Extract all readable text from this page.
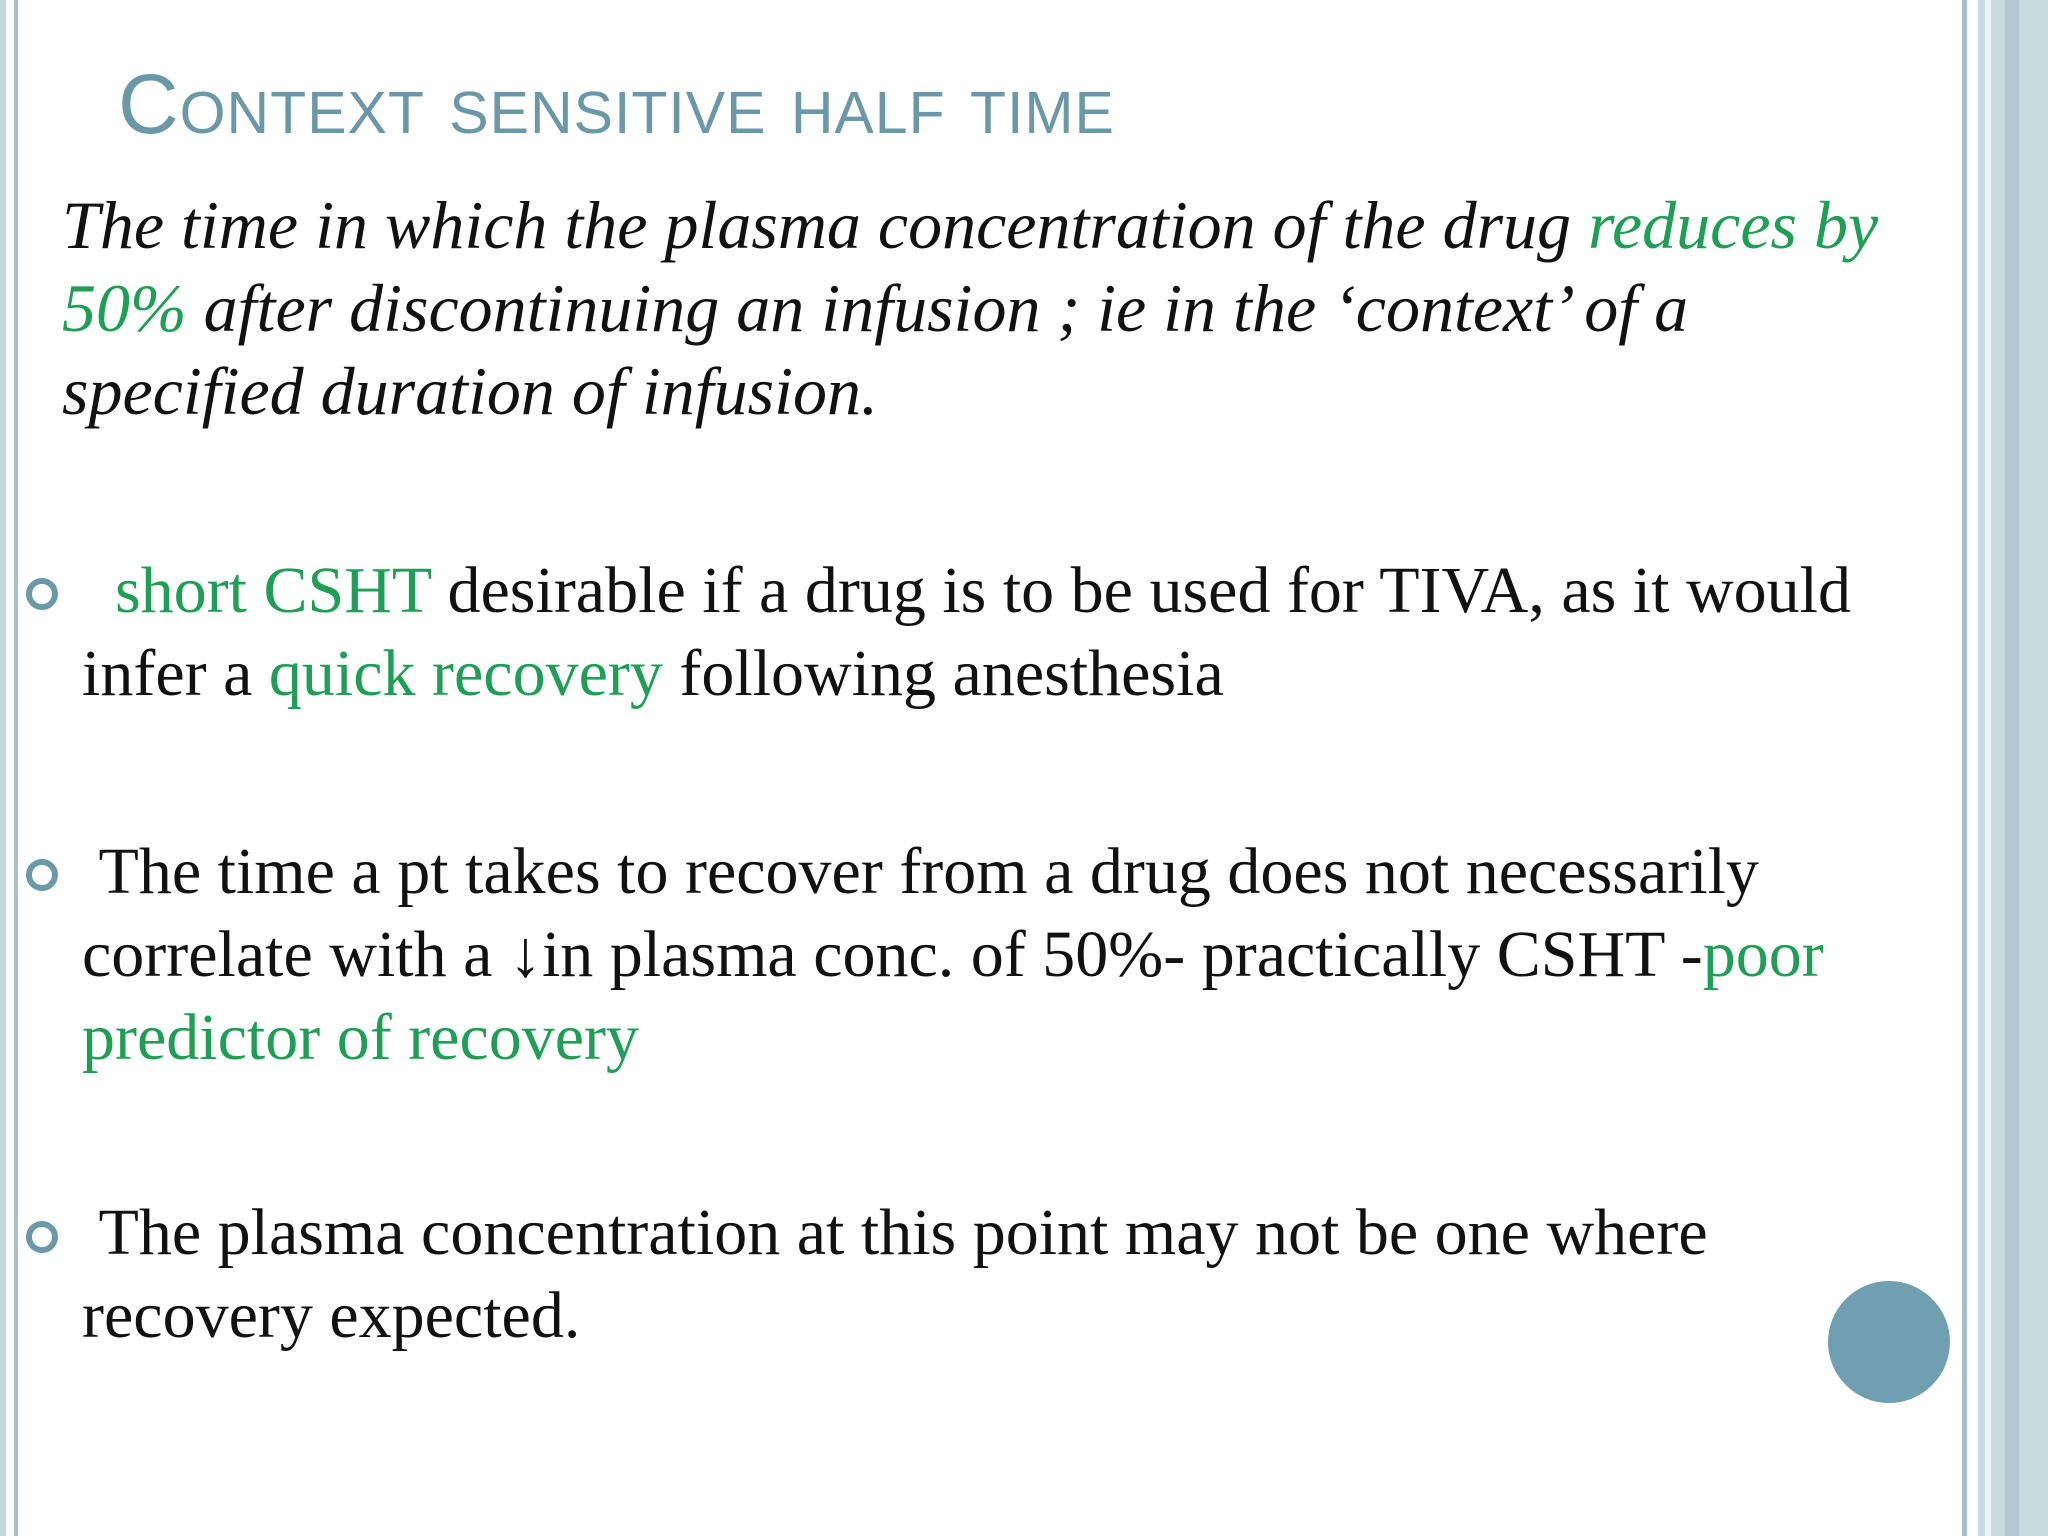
Context sensitive half time

The time in which the plasma concentration of the drug reduces by 50% after discontinuing an infusion ; ie in the ‘context’ of a specified duration of infusion.

short CSHT desirable if a drug is to be used for TIVA, as it would infer a quick recovery following anesthesia

The time a pt takes to recover from a drug does not necessarily correlate with a ↓in plasma conc. of 50%- practically CSHT -poor predictor of recovery

The plasma concentration at this point may not be one where recovery expected.
